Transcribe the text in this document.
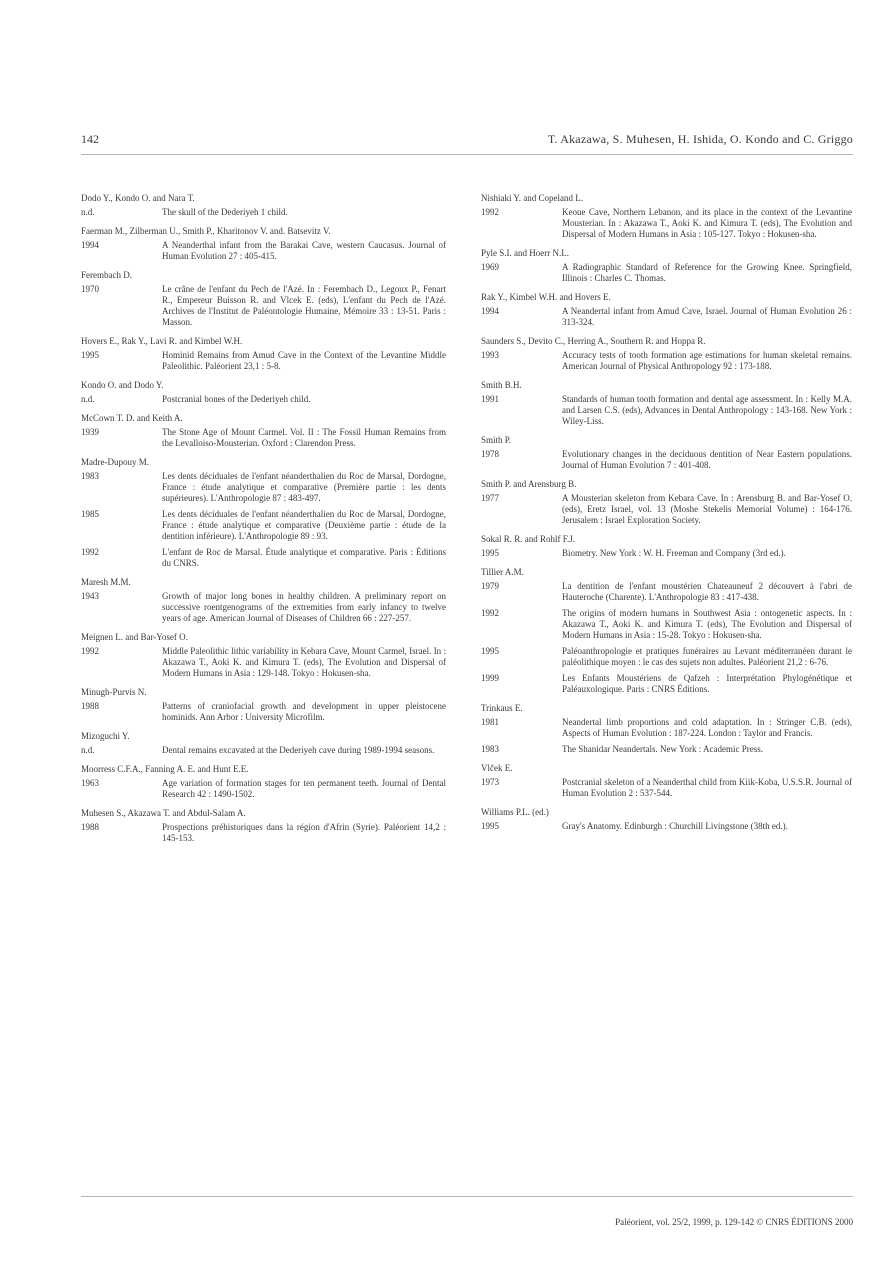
142	T. Akazawa, S. Muhesen, H. Ishida, O. Kondo and C. Griggo
Dodo Y., Kondo O. and Nara T.
n.d.	The skull of the Dederiyeh 1 child.
Faerman M., Zilberman U., Smith P., Kharitonov V. and. Batsevitz V.
1994	A Neanderthal infant from the Barakai Cave, western Caucasus. Journal of Human Evolution 27 : 405-415.
Ferembach D.
1970	Le crâne de l'enfant du Pech de l'Azé. In : Ferembach D., Legoux P., Fenart R., Empereur Buisson R. and Vlcek E. (eds), L'enfant du Pech de l'Azé. Archives de l'Institut de Paléontologie Humaine, Mémoire 33 : 13-51. Paris : Masson.
Hovers E., Rak Y., Lavi R. and Kimbel W.H.
1995	Hominid Remains from Amud Cave in the Context of the Levantine Middle Paleolithic. Paléorient 23,1 : 5-8.
Kondo O. and Dodo Y.
n.d.	Postcranial bones of the Dederiyeh child.
McCown T. D. and Keith A.
1939	The Stone Age of Mount Carmel. Vol. II : The Fossil Human Remains from the Levalloiso-Mousterian. Oxford : Clarendon Press.
Madre-Dupouy M.
1983	Les dents déciduales de l'enfant néanderthalien du Roc de Marsal, Dordogne, France : étude analytique et comparative (Première partie : les dents supérieures). L'Anthropologie 87 : 483-497.
1985	Les dents déciduales de l'enfant néanderthalien du Roc de Marsal, Dordogne, France : étude analytique et comparative (Deuxième partie : étude de la dentition inférieure). L'Anthropologie 89 : 93.
1992	L'enfant de Roc de Marsal. Étude analytique et comparative. Paris : Éditions du CNRS.
Maresh M.M.
1943	Growth of major long bones in healthy children. A preliminary report on successive roentgenograms of the extremities from early infancy to twelve years of age. American Journal of Diseases of Children 66 : 227-257.
Meignen L. and Bar-Yosef O.
1992	Middle Paleolithic lithic variability in Kebara Cave, Mount Carmel, Israel. In : Akazawa T., Aoki K. and Kimura T. (eds), The Evolution and Dispersal of Modern Humans in Asia : 129-148. Tokyo : Hokusen-sha.
Minugh-Purvis N.
1988	Patterns of craniofacial growth and development in upper pleistocene hominids. Ann Arbor : University Microfilm.
Mizoguchi Y.
n.d.	Dental remains excavated at the Dederiyeh cave during 1989-1994 seasons.
Moorress C.F.A., Fanning A. E. and Hunt E.E.
1963	Age variation of formation stages for ten permanent teeth. Journal of Dental Research 42 : 1490-1502.
Muhesen S., Akazawa T. and Abdul-Salam A.
1988	Prospections préhistoriques dans la région d'Afrin (Syrie). Paléorient 14,2 : 145-153.
Nishiaki Y. and Copeland L.
1992	Keoue Cave, Northern Lebanon, and its place in the context of the Levantine Mousterian. In : Akazawa T., Aoki K. and Kimura T. (eds), The Evolution and Dispersal of Modern Humans in Asia : 105-127. Tokyo : Hokusen-sha.
Pyle S.I. and Hoerr N.L.
1969	A Radiographic Standard of Reference for the Growing Knee. Springfield, Illinois : Charles C. Thomas.
Rak Y., Kimbel W.H. and Hovers E.
1994	A Neandertal infant from Amud Cave, Israel. Journal of Human Evolution 26 : 313-324.
Saunders S., Devito C., Herring A., Southern R. and Hoppa R.
1993	Accuracy tests of tooth formation age estimations for human skeletal remains. American Journal of Physical Anthropology 92 : 173-188.
Smith B.H.
1991	Standards of human tooth formation and dental age assessment. In : Kelly M.A. and Larsen C.S. (eds), Advances in Dental Anthropology : 143-168. New York : Wiley-Liss.
Smith P.
1978	Evolutionary changes in the deciduous dentition of Near Eastern populations. Journal of Human Evolution 7 : 401-408.
Smith P. and Arensburg B.
1977	A Mousterian skeleton from Kebara Cave. In : Arensburg B. and Bar-Yosef O. (eds), Eretz Israel, vol. 13 (Moshe Stekelis Memorial Volume) : 164-176. Jerusalem : Israel Exploration Society.
Sokal R. R. and Rohlf F.J.
1995	Biometry. New York : W. H. Freeman and Company (3rd ed.).
Tillier A.M.
1979	La dentition de l'enfant moustérien Chateauneuf 2 découvert à l'abri de Hauteroche (Charente). L'Anthropologie 83 : 417-438.
1992	The origins of modern humans in Southwest Asia : ontogenetic aspects. In : Akazawa T., Aoki K. and Kimura T. (eds), The Evolution and Dispersal of Modern Humans in Asia : 15-28. Tokyo : Hokusen-sha.
1995	Paléoanthropologie et pratiques funéraires au Levant méditerranéen durant le paléolithique moyen : le cas des sujets non adultes. Paléorient 21,2 : 6-76.
1999	Les Enfants Moustériens de Qafzeh : Interprétation Phylogénétique et Paléauxologique. Paris : CNRS Éditions.
Trinkaus E.
1981	Neandertal limb proportions and cold adaptation. In : Stringer C.B. (eds), Aspects of Human Evolution : 187-224. London : Taylor and Francis.
1983	The Shanidar Neandertals. New York : Academic Press.
Vlček E.
1973	Postcranial skeleton of a Neanderthal child from Kiik-Koba, U.S.S.R. Journal of Human Evolution 2 : 537-544.
Williams P.L. (ed.)
1995	Gray's Anatomy. Edinburgh : Churchill Livingstone (38th ed.).
Paléorient, vol. 25/2, 1999, p. 129-142 © CNRS ÉDITIONS 2000
